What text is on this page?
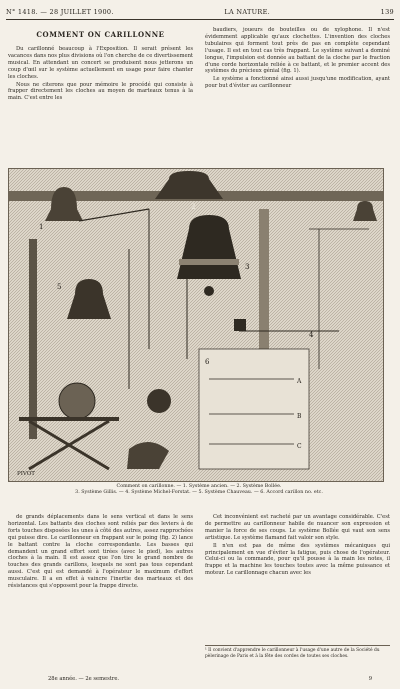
N° 1418. — 28 JUILLET 1900.	LA NATURE.	139
COMMENT ON CARILLONNE

Du carillonné beaucoup à l'Exposition. Il serait présent les vacances dans nos plus divisions où l'on cherche de ce divertissement musical. En attendant un concert se produisent nous jetterons un coup d'œil sur le système actuellement en usage pour faire chanter les cloches.

Nous ne citerons que pour mémoire le procédé qui consiste à frapper directement les cloches au moyen de marteaux tenus à la main. C'est entre les

baudiers, joueurs de bouteilles ou de xylophone. Il n'est évidemment applicable qu'aux clochettes. L'invention des cloches tubulaires qui forment tout près de pas en complète cependant l'usage. Il est en tout cas très frappant. Le système suivant a dominé longue, l'impulsion est donnée au battant de la cloche par le fraction d'une corde horizontale reliée à ce battant, et le premier accent des systèmes du précieux génial (fig. 1).

Le système a fonctionné ainsi aussi jusqu'une modification, ayant pour but d'éviter au carillonneur

1
2
3
4
5
6
A
B
C
PIVOT
Comment on carillonne. — 1. Système ancien. — 2. Système Bollée.
3. Système Gillis. — 4. Système Michel-Forstat. — 5. Système Chauveau. — 6. Accord carillon no. etc.

de grands déplacements dans le sens vertical et dans le sens horizontal. Les battants des cloches sont reliés par des leviers à de forts touches disposées les unes à côté des autres, assez rapprochées qui puisse dire. Le carillonneur en frappant sur le poing (fig. 2) lance le battant contre la cloche correspondante. Les basses qui demandent un grand effort sont tirées (avec le pied), les autres cloches à la main. Il est assez que l'on tire le grand nombre de touches des grands carillons, lesquels ne sont pas tous cependant aussi. C'est qui est demandé à l'opérateur le maximum d'effort musculaire. Il a en effet à vaincre l'inertie des marteaux et des résistances qui s'opposent pour la frappe directe.

Cet inconvénient est racheté par un avantage considérable. C'est de permettre au carillonneur habile de nuancer son expression et manier la force de ses coups. Le système Bollée qui vaut son sens artistique. Le système flamand fait valoir son style.

Il n'en est pas de même des systèmes mécaniques qui principalement en vue d'éviter la fatigue, puis chose de l'opérateur. Celui-ci ou la commande, pour qu'il pousse à la main les notes, il frappe et la machine les touches toutes avec la même puissance et moteur. Le carillonnage chacun avec les

¹ Il convient d'apprendre le carillonneur à l'usage d'une autre de la Société du pèlerinage de Paris et à la fête des cordes de toutes ses cloches.
28e année. — 2e semestre.	9
